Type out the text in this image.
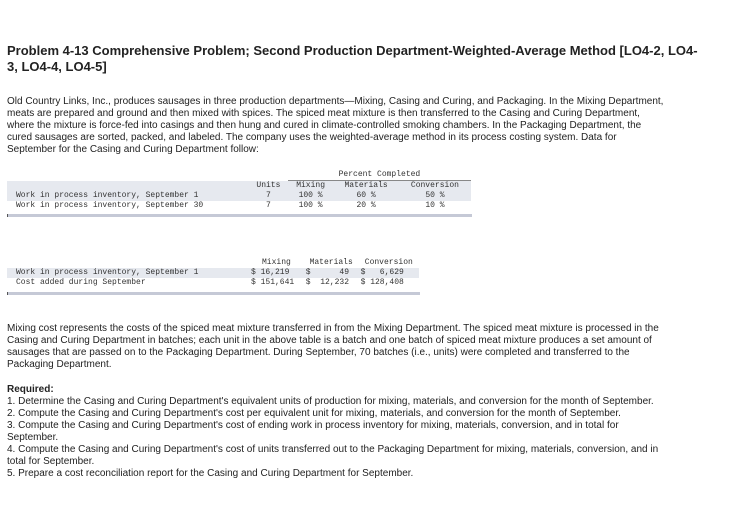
Problem 4-13 Comprehensive Problem; Second Production Department-Weighted-Average Method [LO4-2, LO4-3, LO4-4, LO4-5]
Old Country Links, Inc., produces sausages in three production departments—Mixing, Casing and Curing, and Packaging. In the Mixing Department, meats are prepared and ground and then mixed with spices. The spiced meat mixture is then transferred to the Casing and Curing Department, where the mixture is force-fed into casings and then hung and cured in climate-controlled smoking chambers. In the Packaging Department, the cured sausages are sorted, packed, and labeled. The company uses the weighted-average method in its process costing system. Data for September for the Casing and Curing Department follow:
		Percent Completed		
	Units	Mixing	Materials	Conversion
Work in process inventory, September 1	7	100 %	60 %	50 %
Work in process inventory, September 30	7	100 %	20 %	10 %
	Mixing	Materials	Conversion
Work in process inventory, September 1	$ 16,219	$      49	$   6,629
Cost added during September	$ 151,641	$  12,232	$ 128,408
Mixing cost represents the costs of the spiced meat mixture transferred in from the Mixing Department. The spiced meat mixture is processed in the Casing and Curing Department in batches; each unit in the above table is a batch and one batch of spiced meat mixture produces a set amount of sausages that are passed on to the Packaging Department. During September, 70 batches (i.e., units) were completed and transferred to the Packaging Department.
Required:
1. Determine the Casing and Curing Department's equivalent units of production for mixing, materials, and conversion for the month of September.
2. Compute the Casing and Curing Department's cost per equivalent unit for mixing, materials, and conversion for the month of September.
3. Compute the Casing and Curing Department's cost of ending work in process inventory for mixing, materials, conversion, and in total for September.
4. Compute the Casing and Curing Department's cost of units transferred out to the Packaging Department for mixing, materials, conversion, and in total for September.
5. Prepare a cost reconciliation report for the Casing and Curing Department for September.
